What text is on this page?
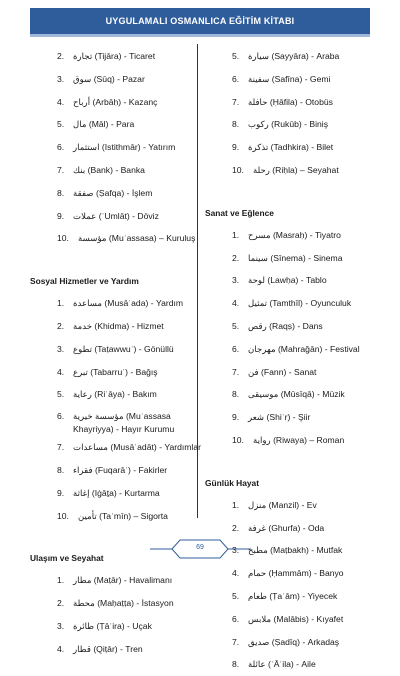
UYGULAMALI OSMANLICA EĞİTİM KİTABI
2. تجارة (Tijāra) - Ticaret
3. سوق (Sūq) - Pazar
4. أرباح (Arbāḥ) - Kazanç
5. مال (Māl) - Para
6. استثمار (Istithmār) - Yatırım
7. بنك (Bank) - Banka
8. صفقة (Ṣafqa) - İşlem
9. عملات (ʿUmlāt) - Döviz
10. مؤسسة (Muʾassasa) – Kuruluş
Sosyal Hizmetler ve Yardım
1. مساعدة (Musāʿada) - Yardım
2. خدمة (Khidma) - Hizmet
3. تطوع (Taṭawwuʿ) - Gönüllü
4. تبرع (Tabarruʿ) - Bağış
5. رعاية (Riʿāya) - Bakım
6. مؤسسة خيرية (Muʾassasa Khayriyya) - Hayır Kurumu
7. مساعدات (Musāʿadāt) - Yardımlar
8. فقراء (Fuqarāʾ) - Fakirler
9. إغاثة (Iġāṯa) - Kurtarma
10. تأمين (Taʾmīn) – Sigorta
Ulaşım ve Seyahat
1. مطار (Maṭār) - Havalimanı
2. محطة (Maḥaṭṭa) - İstasyon
3. طائرة (Ṭāʾira) - Uçak
4. قطار (Qiṭār) - Tren
5. سيارة (Sayyāra) - Araba
6. سفينة (Safīna) - Gemi
7. حافلة (Ḥāfila) - Otobüs
8. ركوب (Rukūb) - Biniş
9. تذكرة (Tadhkira) - Bilet
10. رحلة (Riḥla) – Seyahat
Sanat ve Eğlence
1. مسرح (Masraḥ) - Tiyatro
2. سينما (Sīnema) - Sinema
3. لوحة (Lawḥa) - Tablo
4. تمثيل (Tamthīl) - Oyunculuk
5. رقص (Raqṣ) - Dans
6. مهرجان (Mahraǧān) - Festival
7. فن (Fann) - Sanat
8. موسيقى (Mūsīqā) - Müzik
9. شعر (Shiʿr) - Şiir
10. رواية (Riwaya) – Roman
Günlük Hayat
1. منزل (Manzil) - Ev
2. غرفة (Ghurfa) - Oda
3. مطبخ (Maṭbakh) - Mutfak
4. حمام (Ḥammām) - Banyo
5. طعام (Ṭaʿām) - Yiyecek
6. ملابس (Malābis) - Kıyafet
7. صديق (Ṣadīq) - Arkadaş
8. عائلة (ʿĀʾila) - Aile
69
